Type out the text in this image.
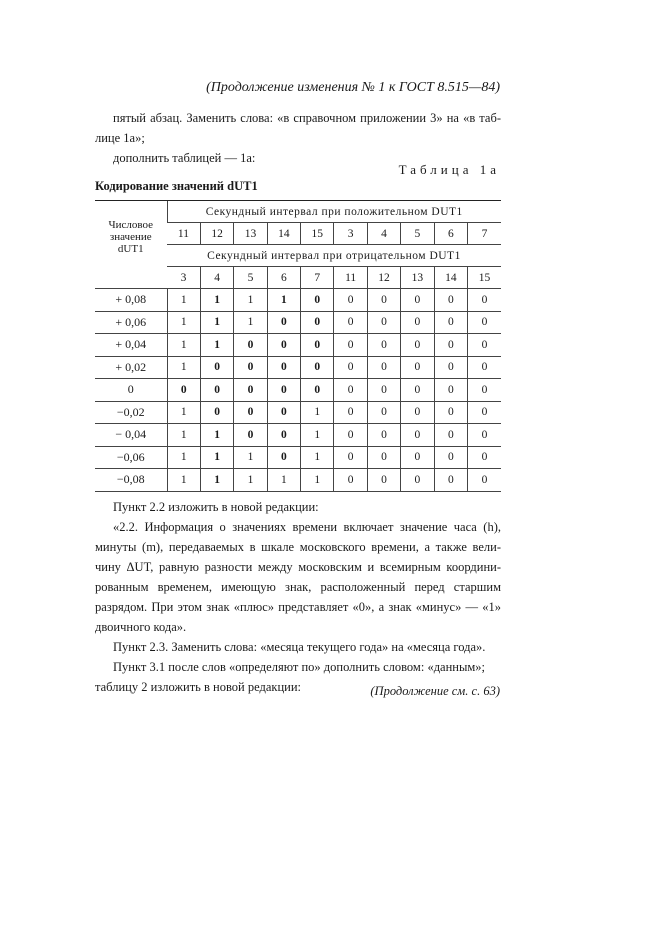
(Продолжение изменения № 1 к ГОСТ 8.515—84)
пятый абзац. Заменить слова: «в справочном приложении 3» на «в таб-
лице 1а»;
дополнить таблицей — 1а:
Таблица 1а
Кодирование значений dUT1
Числовое значение dUT1	Секундный интервал при положительном DUT1									
	11	12	13	14	15	3	4	5	6	7
	Секундный интервал при отрицательном DUT1									
	3	4	5	6	7	11	12	13	14	15
+ 0,08	1	1	1	1	0	0	0	0	0	0
+ 0,06	1	1	1	0	0	0	0	0	0	0
+ 0,04	1	1	0	0	0	0	0	0	0	0
+ 0,02	1	0	0	0	0	0	0	0	0	0
0	0	0	0	0	0	0	0	0	0	0
−0,02	1	0	0	0	1	0	0	0	0	0
− 0,04	1	1	0	0	1	0	0	0	0	0
−0,06	1	1	1	0	1	0	0	0	0	0
−0,08	1	1	1	1	1	0	0	0	0	0
Пункт 2.2 изложить в новой редакции:
«2.2. Информация о значениях времени включает значение часа (h),
минуты (m), передаваемых в шкале московского времени, а также вели-
чину ΔUT, равную разности между московским и всемирным координи-
рованным временем, имеющую знак, расположенный перед старшим
разрядом. При этом знак «плюс» представляет «0», а знак «минус» — «1»
двоичного кода».
Пункт 2.3. Заменить слова: «месяца текущего года» на «месяца года».
Пункт 3.1 после слов «определяют по» дополнить словом: «данным»;
таблицу 2 изложить в новой редакции:	(Продолжение см. с. 63)
